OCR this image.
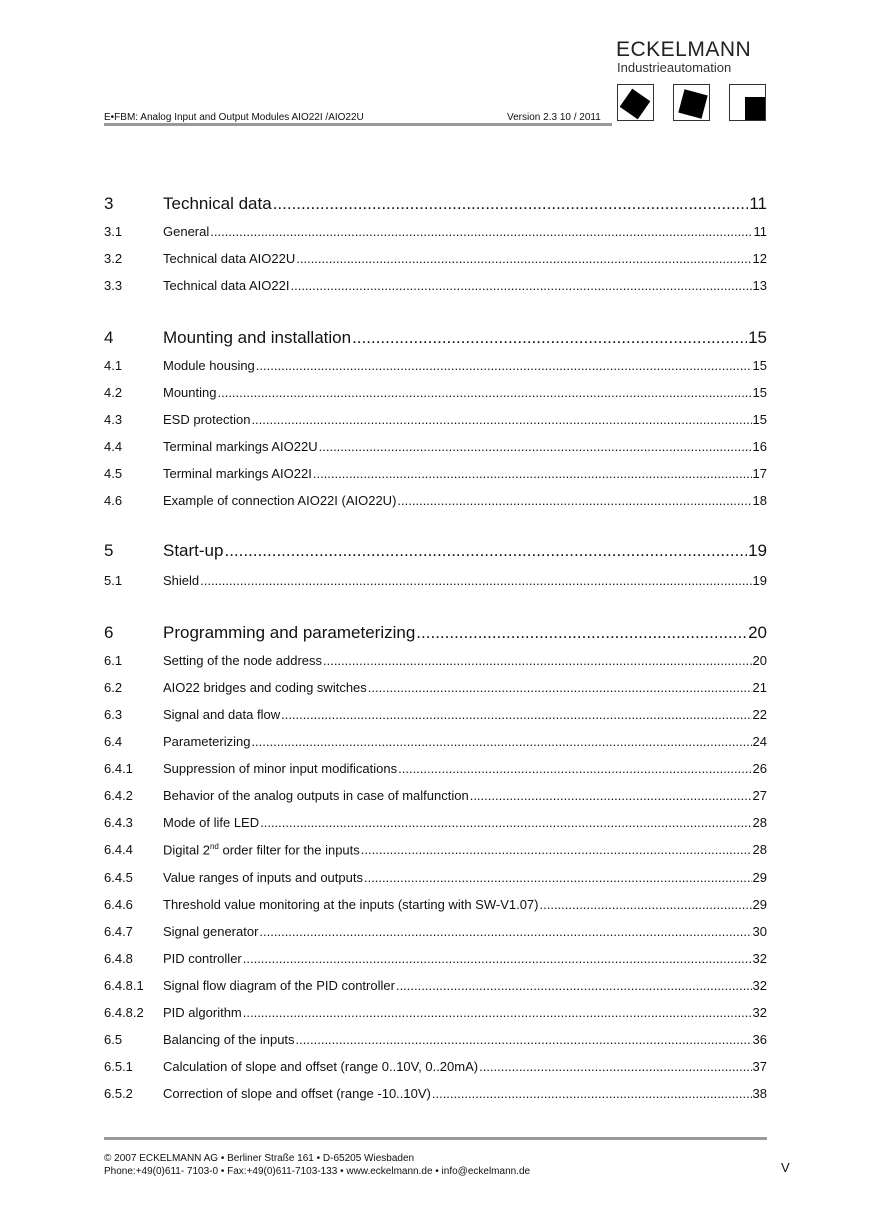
E•FBM: Analog Input and Output Modules AIO22I /AIO22U	Version 2.3 10 / 2011
ECKELMANN
Industrieautomation
3	Technical data .....	11
3.1	General .....	11
3.2	Technical data AIO22U .....	12
3.3	Technical data AIO22I .....	13
4	Mounting and installation .....	15
4.1	Module housing .....	15
4.2	Mounting .....	15
4.3	ESD protection .....	15
4.4	Terminal markings AIO22U .....	16
4.5	Terminal markings AIO22I .....	17
4.6	Example of connection AIO22I (AIO22U) .....	18
5	Start-up .....	19
5.1	Shield .....	19
6	Programming and parameterizing .....	20
6.1	Setting of the node address .....	20
6.2	AIO22 bridges and coding switches .....	21
6.3	Signal and data flow .....	22
6.4	Parameterizing .....	24
6.4.1	Suppression of minor input modifications .....	26
6.4.2	Behavior of the analog outputs in case of malfunction .....	27
6.4.3	Mode of life LED .....	28
6.4.4	Digital 2nd order filter for the inputs .....	28
6.4.5	Value ranges of inputs and outputs .....	29
6.4.6	Threshold value monitoring at the inputs (starting with SW-V1.07) .....	29
6.4.7	Signal generator .....	30
6.4.8	PID controller .....	32
6.4.8.1	Signal flow diagram of the PID controller .....	32
6.4.8.2	PID algorithm .....	32
6.5	Balancing of the inputs .....	36
6.5.1	Calculation of slope and offset (range 0..10V, 0..20mA) .....	37
6.5.2	Correction of slope and offset (range -10..10V) .....	38
© 2007 ECKELMANN AG • Berliner Straße 161 • D-65205 Wiesbaden
Phone:+49(0)611- 7103-0 • Fax:+49(0)611-7103-133 • www.eckelmann.de • info@eckelmann.de	V
